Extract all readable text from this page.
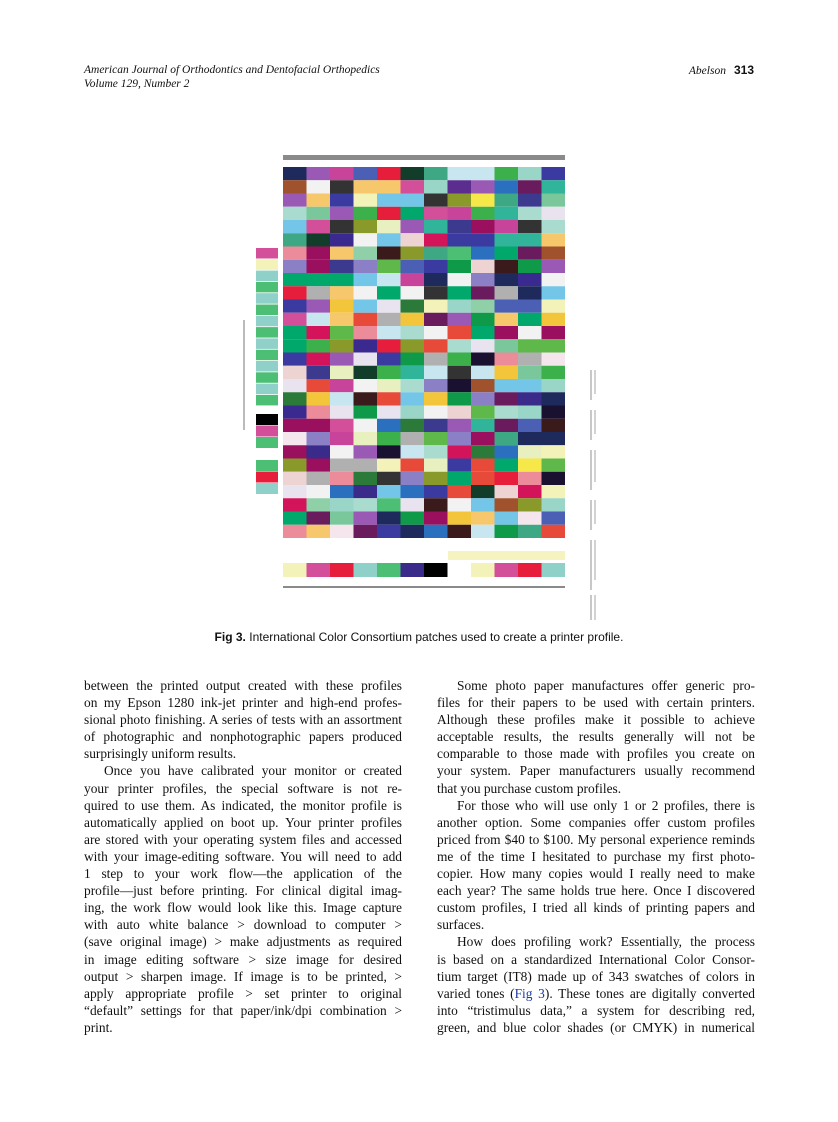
American Journal of Orthodontics and Dentofacial Orthopedics
Volume 129, Number 2
Abelson 313
Fig 3. International Color Consortium patches used to create a printer profile.
between the printed output created with these profiles
on my Epson 1280 ink-jet printer and high-end profes-
sional photo finishing. A series of tests with an assortment
of photographic and nonphotographic papers produced
surprisingly uniform results.
Once you have calibrated your monitor or created
your printer profiles, the special software is not re-
quired to use them. As indicated, the monitor profile is
automatically applied on boot up. Your printer profiles
are stored with your operating system files and accessed
with your image-editing software. You will need to add
1 step to your work flow—the application of the
profile—just before printing. For clinical digital imag-
ing, the work flow would look like this. Image capture
with auto white balance > download to computer >
(save original image) > make adjustments as required
in image editing software > size image for desired
output > sharpen image. If image is to be printed, >
apply appropriate profile > set printer to original
“default” settings for that paper/ink/dpi combination >
print.
Some photo paper manufactures offer generic pro-
files for their papers to be used with certain printers.
Although these profiles make it possible to achieve
acceptable results, the results generally will not be
comparable to those made with profiles you create on
your system. Paper manufacturers usually recommend
that you purchase custom profiles.
For those who will use only 1 or 2 profiles, there is
another option. Some companies offer custom profiles
priced from $40 to $100. My personal experience reminds
me of the time I hesitated to purchase my first photo-
copier. How many copies would I really need to make
each year? The same holds true here. Once I discovered
custom profiles, I tried all kinds of printing papers and
surfaces.
How does profiling work? Essentially, the process
is based on a standardized International Color Consor-
tium target (IT8) made up of 343 swatches of colors in
varied tones (Fig 3). These tones are digitally converted
into “tristimulus data,” a system for describing red,
green, and blue color shades (or CMYK) in numerical
